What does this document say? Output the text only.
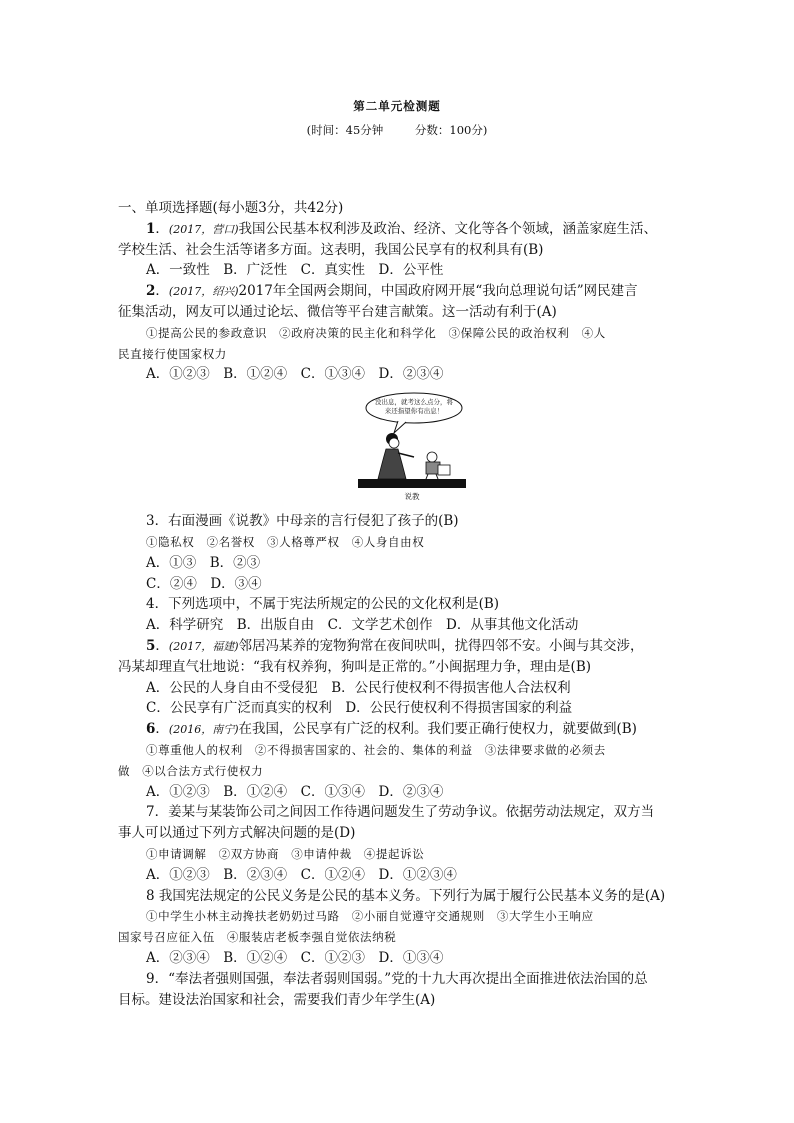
第二单元检测题
(时间：45分钟	分数：100分)
一、单项选择题(每小题3分，共42分)
1．(2017，营口)我国公民基本权利涉及政治、经济、文化等各个领域，涵盖家庭生活、
学校生活、社会生活等诸多方面。这表明，我国公民享有的权利具有(B)
A．一致性　B．广泛性　C．真实性　D．公平性
2．(2017，绍兴)2017年全国两会期间，中国政府网开展“我向总理说句话”网民建言
征集活动，网友可以通过论坛、微信等平台建言献策。这一活动有利于(A)
①提高公民的参政意识　②政府决策的民主化和科学化　③保障公民的政治权利　④人
民直接行使国家权力
A．①②③　B．①②④　C．①③④　D．②③④
没出息，就考这么点分，将来还指望你有出息！
说教
3．右面漫画《说教》中母亲的言行侵犯了孩子的(B)
①隐私权　②名誉权　③人格尊严权　④人身自由权
A．①③　B．②③
C．②④　D．③④
4．下列选项中，不属于宪法所规定的公民的文化权利是(B)
A．科学研究　B．出版自由　C．文学艺术创作　D．从事其他文化活动
5．(2017，福建)邻居冯某养的宠物狗常在夜间吠叫，扰得四邻不安。小闽与其交涉，
冯某却理直气壮地说：“我有权养狗，狗叫是正常的。”小闽据理力争，理由是(B)
A．公民的人身自由不受侵犯　B．公民行使权利不得损害他人合法权利
C．公民享有广泛而真实的权利　D．公民行使权利不得损害国家的利益
6．(2016，南宁)在我国，公民享有广泛的权利。我们要正确行使权力，就要做到(B)
①尊重他人的权利　②不得损害国家的、社会的、集体的利益　③法律要求做的必须去
做　④以合法方式行使权力
A．①②③　B．①②④　C．①③④　D．②③④
7．姜某与某装饰公司之间因工作待遇问题发生了劳动争议。依据劳动法规定，双方当
事人可以通过下列方式解决问题的是(D)
①申请调解　②双方协商　③申请仲裁　④提起诉讼
A．①②③　B．②③④　C．①②④　D．①②③④
8 我国宪法规定的公民义务是公民的基本义务。下列行为属于履行公民基本义务的是(A)
①中学生小林主动搀扶老奶奶过马路　②小丽自觉遵守交通规则　③大学生小王响应
国家号召应征入伍　④服装店老板李强自觉依法纳税
A．②③④　B．①②④　C．①②③　D．①③④
9．“奉法者强则国强，奉法者弱则国弱。”党的十九大再次提出全面推进依法治国的总
目标。建设法治国家和社会，需要我们青少年学生(A)
